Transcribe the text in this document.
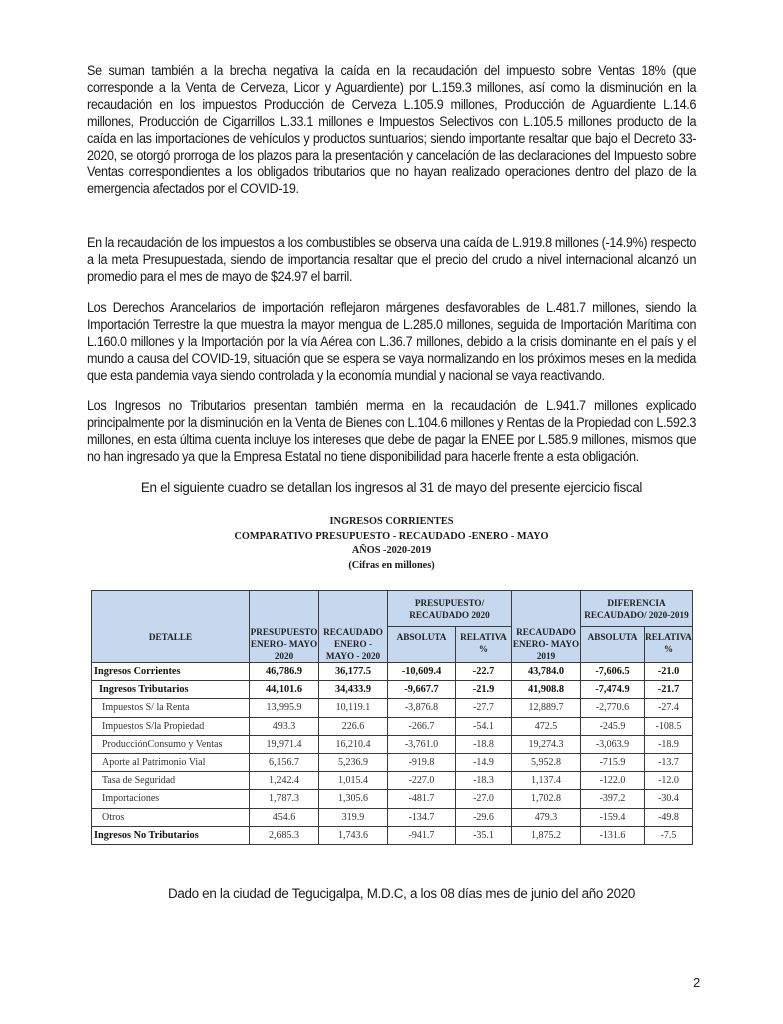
Se suman también a la brecha negativa la caída en la recaudación del impuesto sobre Ventas 18% (que corresponde a la Venta de Cerveza, Licor y Aguardiente) por L.159.3 millones, así como la disminución en la recaudación en los impuestos Producción de Cerveza L.105.9 millones, Producción de Aguardiente L.14.6 millones, Producción de Cigarrillos L.33.1 millones e Impuestos Selectivos con L.105.5 millones producto de la caída en las importaciones de vehículos y productos suntuarios; siendo importante resaltar que bajo el Decreto 33-2020, se otorgó prorroga de los plazos para la presentación y cancelación de las declaraciones del Impuesto sobre Ventas correspondientes a los obligados tributarios que no hayan realizado operaciones dentro del plazo de la emergencia afectados por el COVID-19.

En la recaudación de los impuestos a los combustibles se observa una caída de L.919.8 millones (-14.9%) respecto a la meta Presupuestada, siendo de importancia resaltar que el precio del crudo a nivel internacional alcanzó un promedio para el mes de mayo de $24.97 el barril.

Los Derechos Arancelarios de importación reflejaron márgenes desfavorables de L.481.7 millones, siendo la Importación Terrestre la que muestra la mayor mengua de L.285.0 millones, seguida de Importación Marítima con L.160.0 millones y la Importación por la vía Aérea con L.36.7 millones, debido a la crisis dominante en el país y el mundo a causa del COVID-19, situación que se espera se vaya normalizando en los próximos meses en la medida que esta pandemia vaya siendo controlada y la economía mundial y nacional se vaya reactivando.

Los Ingresos no Tributarios presentan también merma en la recaudación de L.941.7 millones explicado principalmente por la disminución en la Venta de Bienes con L.104.6 millones y Rentas de la Propiedad con L.592.3 millones, en esta última cuenta incluye los intereses que debe de pagar la ENEE por L.585.9 millones, mismos que no han ingresado ya que la Empresa Estatal no tiene disponibilidad para hacerle frente a esta obligación.

En el siguiente cuadro se detallan los ingresos al 31 de mayo del presente ejercicio fiscal

INGRESOS CORRIENTES
COMPARATIVO PRESUPUESTO - RECAUDADO -ENERO - MAYO
AÑOS -2020-2019
(Cifras en millones)
DETALLE	PRESUPUESTO ENERO- MAYO 2020	RECAUDADO ENERO - MAYO - 2020	PRESUPUESTO/ RECAUDADO 2020		RECAUDADO ENERO- MAYO 2019	DIFERENCIA RECAUDADO/ 2020-2019	
			ABSOLUTA	RELATIVA %		ABSOLUTA	RELATIVA %
Ingresos Corrientes	46,786.9	36,177.5	-10,609.4	-22.7	43,784.0	-7,606.5	-21.0
Ingresos Tributarios	44,101.6	34,433.9	-9,667.7	-21.9	41,908.8	-7,474.9	-21.7
Impuestos S/ la Renta	13,995.9	10,119.1	-3,876.8	-27.7	12,889.7	-2,770.6	-27.4
Impuestos S/la Propiedad	493.3	226.6	-266.7	-54.1	472.5	-245.9	-108.5
ProducciónConsumo y Ventas	19,971.4	16,210.4	-3,761.0	-18.8	19,274.3	-3,063.9	-18.9
Aporte al Patrimonio Vial	6,156.7	5,236.9	-919.8	-14.9	5,952.8	-715.9	-13.7
Tasa de Seguridad	1,242.4	1,015.4	-227.0	-18.3	1,137.4	-122.0	-12.0
Importaciones	1,787.3	1,305.6	-481.7	-27.0	1,702.8	-397.2	-30.4
Otros	454.6	319.9	-134.7	-29.6	479.3	-159.4	-49.8
Ingresos No Tributarios	2,685.3	1,743.6	-941.7	-35.1	1,875.2	-131.6	-7.5

Dado en la ciudad de Tegucigalpa, M.D.C, a los 08 días mes de junio del año 2020

2
